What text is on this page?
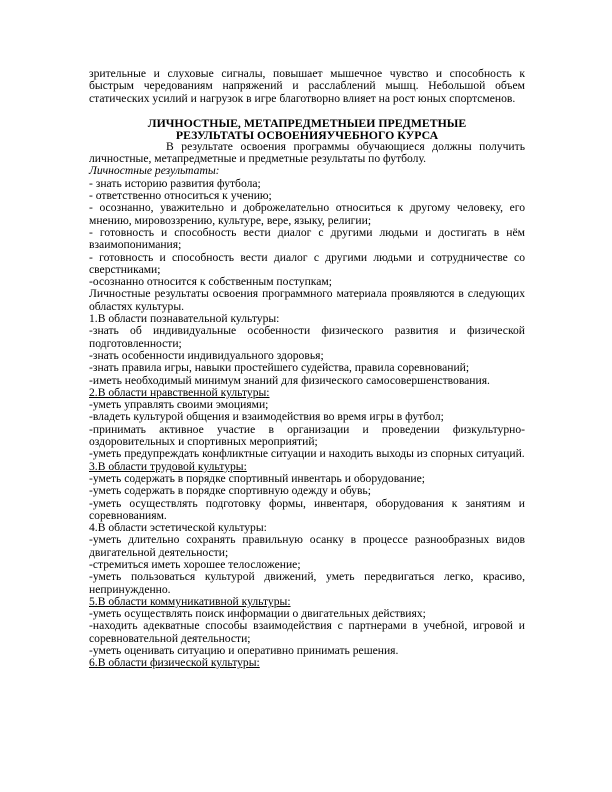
зрительные и слуховые сигналы, повышает мышечное чувство и способность к быстрым чередованиям напряжений и расслаблений мышц. Небольшой объем статических усилий и нагрузок в игре благотворно влияет на рост юных спортсменов.

ЛИЧНОСТНЫЕ, МЕТАПРЕДМЕТНЫЕИ ПРЕДМЕТНЫЕ

РЕЗУЛЬТАТЫ ОСВОЕНИЯУЧЕБНОГО КУРСА

В результате освоения программы обучающиеся должны получить личностные, метапредметные и предметные результаты по футболу.

Личностные результаты:

- знать историю развития футбола;

- ответственно относиться к учению;

- осознанно, уважительно и доброжелательно относиться к другому человеку, его мнению, мировоззрению, культуре, вере, языку, религии;

- готовность и способность вести диалог с другими людьми и достигать в нём взаимопонимания;

- готовность и способность вести диалог с другими людьми и сотрудничестве со сверстниками;

-осознанно относится к собственным поступкам;

Личностные результаты освоения программного материала проявляются в следующих областях культуры.

1.В области познавательной культуры:

-знать об индивидуальные особенности физического развития и физической подготовленности;

-знать особенности индивидуального здоровья;

-знать правила игры, навыки простейшего судейства, правила соревнований;

-иметь необходимый минимум знаний для физического самосовершенствования.

2.В области нравственной культуры:

-уметь управлять своими эмоциями;

-владеть культурой общения и взаимодействия во время игры в футбол;

-принимать активное участие в организации и проведении физкультурно-оздоровительных и спортивных мероприятий;

-уметь предупреждать конфликтные ситуации и находить выходы из спорных ситуаций.

3.В области трудовой культуры:

-уметь содержать в порядке спортивный инвентарь и оборудование;

-уметь содержать в порядке спортивную одежду и обувь;

-уметь осуществлять подготовку формы, инвентаря, оборудования к занятиям и соревнованиям.

4.В области эстетической культуры:

-уметь длительно сохранять правильную осанку в процессе разнообразных видов двигательной деятельности;

-стремиться иметь хорошее телосложение;

-уметь пользоваться культурой движений, уметь передвигаться легко, красиво, непринужденно.

5.В области коммуникативной культуры:

-уметь осуществлять поиск информации о двигательных действиях;

-находить адекватные способы взаимодействия с партнерами в учебной, игровой и соревновательной деятельности;

-уметь оценивать ситуацию и оперативно принимать решения.

6.В области физической культуры:
